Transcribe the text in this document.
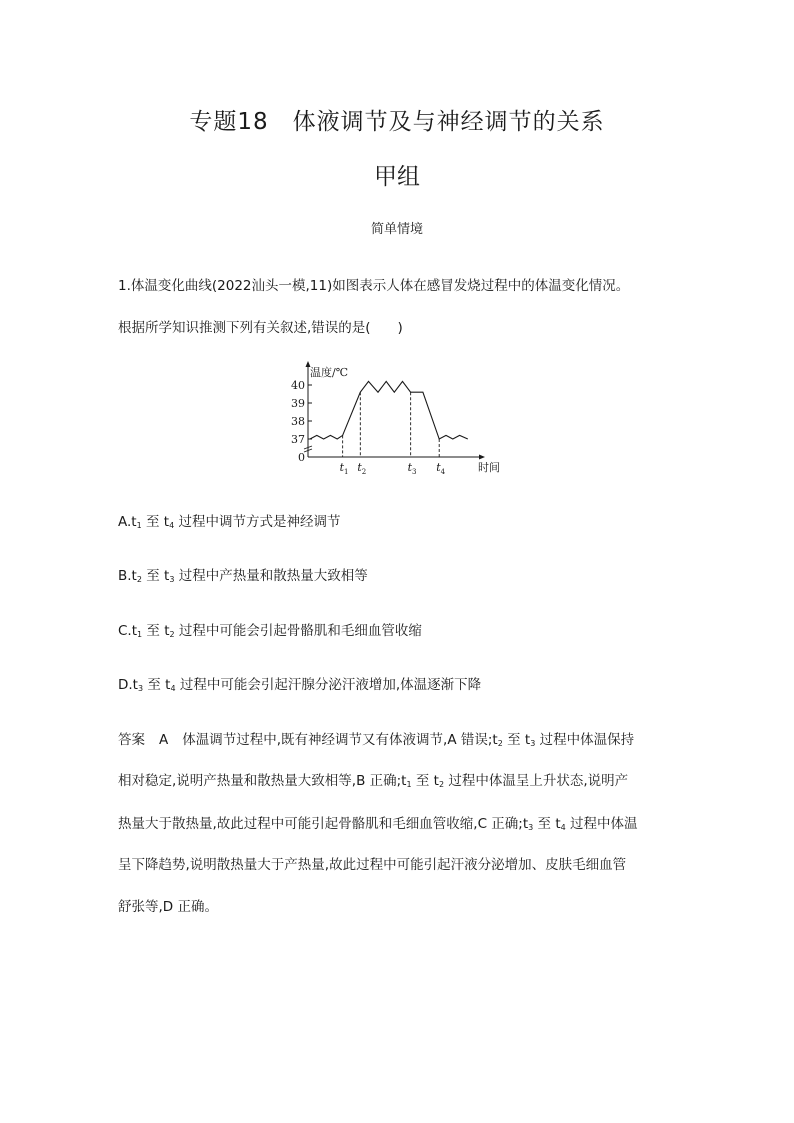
专题18　体液调节及与神经调节的关系
甲组
简单情境
1.体温变化曲线(2022汕头一模,11)如图表示人体在感冒发烧过程中的体温变化情况。
根据所学知识推测下列有关叙述,错误的是(　　)
温度/℃
时间
40
39
38
37
0
$t_1$ $t_2$	$t_3$ $t_4$
$A.t_1$ 至 $t_4$ 过程中调节方式是神经调节
$B.t_2$ 至 $t_3$ 过程中产热量和散热量大致相等
$C.t_1$ 至 $t_2$ 过程中可能会引起骨骼肌和毛细血管收缩
$D.t_3$ 至 $t_4$ 过程中可能会引起汗腺分泌汗液增加,体温逐渐下降
答案 A 体温调节过程中,既有神经调节又有体液调节,A 错误$;t_2$ 至 $t_3$ 过程中体温保持
相对稳定,说明产热量和散热量大致相等,B 正确$;t_1$ 至 $t_2$ 过程中体温呈上升状态,说明产
热量大于散热量,故此过程中可能引起骨骼肌和毛细血管收缩,C 正确$;t_3$ 至 $t_4$ 过程中体温
呈下降趋势,说明散热量大于产热量,故此过程中可能引起汗液分泌增加、皮肤毛细血管
舒张等,D 正确。
